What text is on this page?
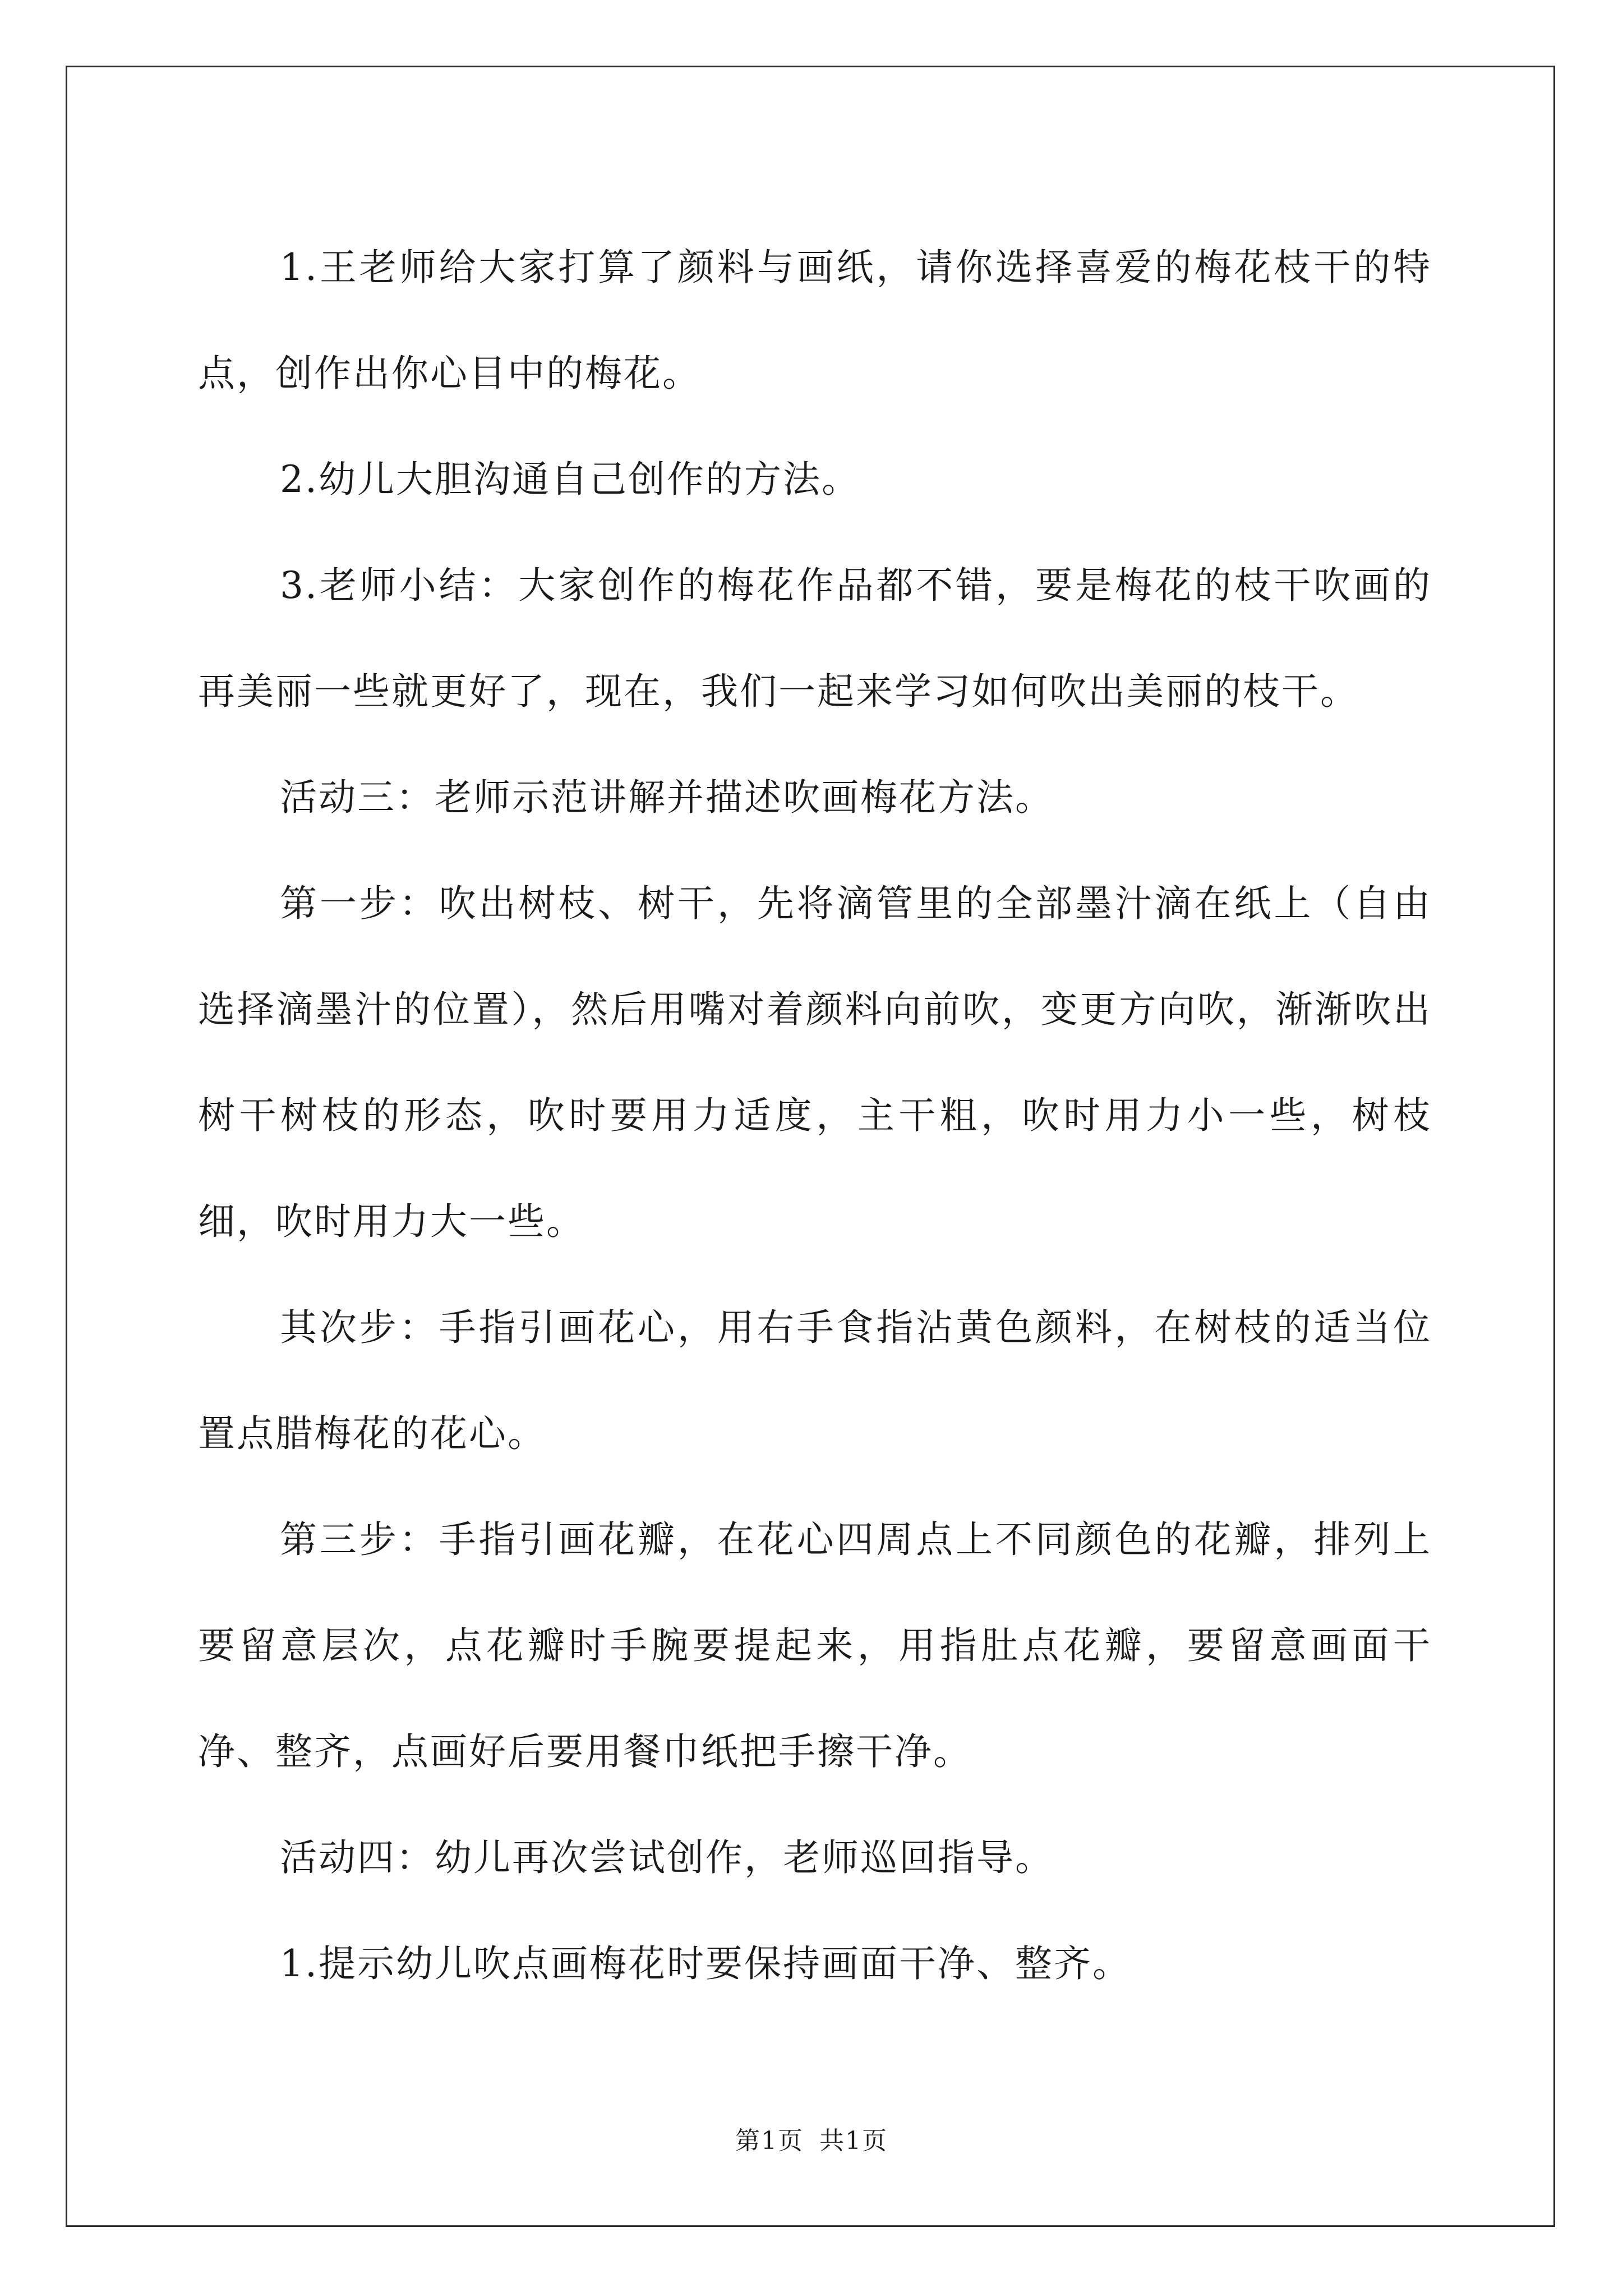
1.王老师给大家打算了颜料与画纸，请你选择喜爱的梅花枝干的特点，创作出你心目中的梅花。

2.幼儿大胆沟通自己创作的方法。

3.老师小结：大家创作的梅花作品都不错，要是梅花的枝干吹画的再美丽一些就更好了，现在，我们一起来学习如何吹出美丽的枝干。

活动三：老师示范讲解并描述吹画梅花方法。

第一步：吹出树枝、树干，先将滴管里的全部墨汁滴在纸上（自由选择滴墨汁的位置），然后用嘴对着颜料向前吹，变更方向吹，渐渐吹出树干树枝的形态，吹时要用力适度，主干粗，吹时用力小一些，树枝细，吹时用力大一些。

其次步：手指引画花心，用右手食指沾黄色颜料，在树枝的适当位置点腊梅花的花心。

第三步：手指引画花瓣，在花心四周点上不同颜色的花瓣，排列上要留意层次，点花瓣时手腕要提起来，用指肚点花瓣，要留意画面干净、整齐，点画好后要用餐巾纸把手擦干净。

活动四：幼儿再次尝试创作，老师巡回指导。

1.提示幼儿吹点画梅花时要保持画面干净、整齐。

第1页 共1页
